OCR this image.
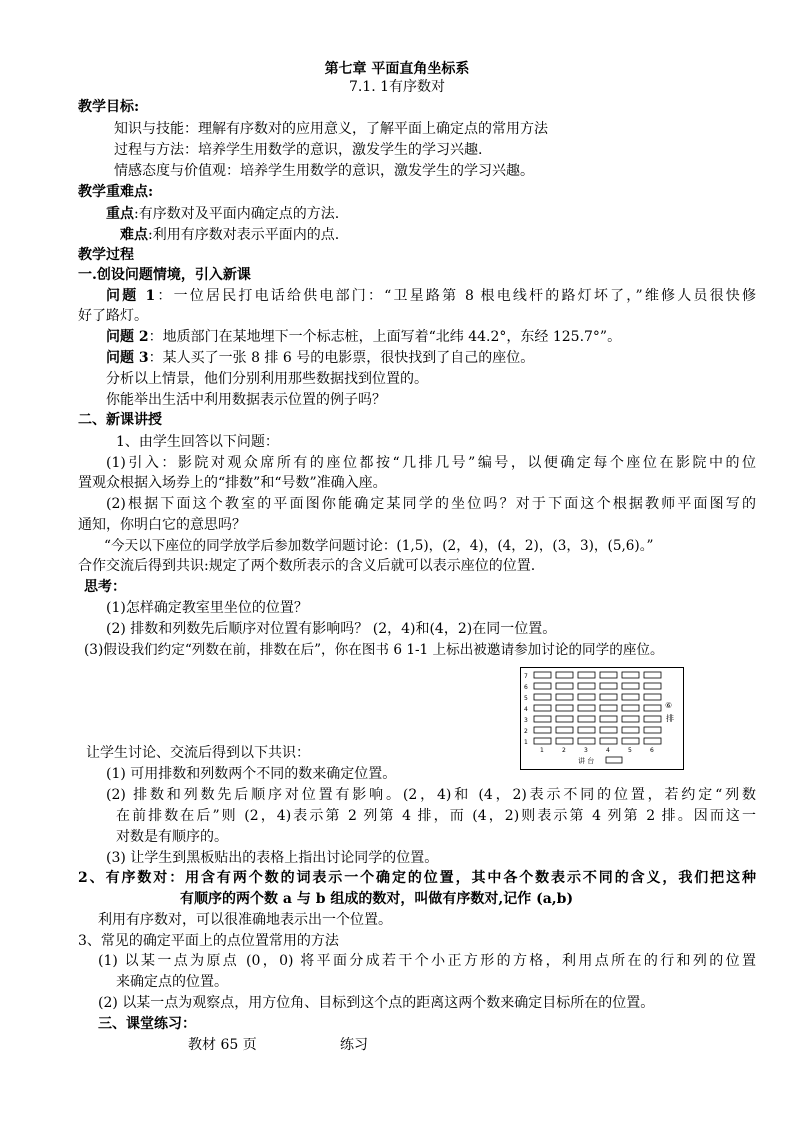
第七章 平面直角坐标系
7.1. 1有序数对
教学目标:
知识与技能：理解有序数对的应用意义，了解平面上确定点的常用方法
过程与方法：培养学生用数学的意识，激发学生的学习兴趣.
情感态度与价值观：培养学生用数学的意识，激发学生的学习兴趣。
教学重难点:
重点:有序数对及平面内确定点的方法.
难点:利用有序数对表示平面内的点.
教学过程
一.创设问题情境，引入新课
问题 1：一位居民打电话给供电部门：“卫星路第 8 根电线杆的路灯坏了，”维修人员很快修
好了路灯。
问题 2：地质部门在某地埋下一个标志桩，上面写着“北纬 44.2°，东经 125.7°”。
问题 3：某人买了一张 8 排 6 号的电影票，很快找到了自己的座位。
分析以上情景，他们分别利用那些数据找到位置的。
你能举出生活中利用数据表示位置的例子吗？
二、新课讲授
1、由学生回答以下问题：
(1)引入：影院对观众席所有的座位都按“几排几号”编号，以便确定每个座位在影院中的位
置观众根据入场券上的“排数”和“号数”准确入座。
(2)根据下面这个教室的平面图你能确定某同学的坐位吗？对于下面这个根据教师平面图写的
通知，你明白它的意思吗？
“今天以下座位的同学放学后参加数学问题讨论：(1,5)，(2，4)，(4，2)，(3，3)，(5,6)。”
合作交流后得到共识:规定了两个数所表示的含义后就可以表示座位的位置.
思考：
(1)怎样确定教室里坐位的位置？
(2) 排数和列数先后顺序对位置有影响吗？ (2，4)和(4，2)在同一位置。
(3)假设我们约定“列数在前，排数在后”，你在图书 6 1-1 上标出被邀请参加讨论的同学的座位。
7
6
5
4
3
2
1
1	2	3	4	5	6
⑥
排
讲 台
让学生讨论、交流后得到以下共识：
(1) 可用排数和列数两个不同的数来确定位置。
(2) 排数和列数先后顺序对位置有影响。(2，4)和 (4，2)表示不同的位置，若约定“列数
在前排数在后”则 (2，4)表示第 2 列第 4 排，而 (4，2)则表示第 4 列第 2 排。因而这一
对数是有顺序的。
(3) 让学生到黑板贴出的表格上指出讨论同学的位置。
2、有序数对：用含有两个数的词表示一个确定的位置，其中各个数表示不同的含义，我们把这种
有顺序的两个数 a 与 b 组成的数对，叫做有序数对,记作 (a,b)
利用有序数对，可以很准确地表示出一个位置。
3、常见的确定平面上的点位置常用的方法
(1) 以某一点为原点 (0，0) 将平面分成若干个小正方形的方格，利用点所在的行和列的位置
来确定点的位置。
(2) 以某一点为观察点，用方位角、目标到这个点的距离这两个数来确定目标所在的位置。
三、课堂练习：
教材 65 页	练习
